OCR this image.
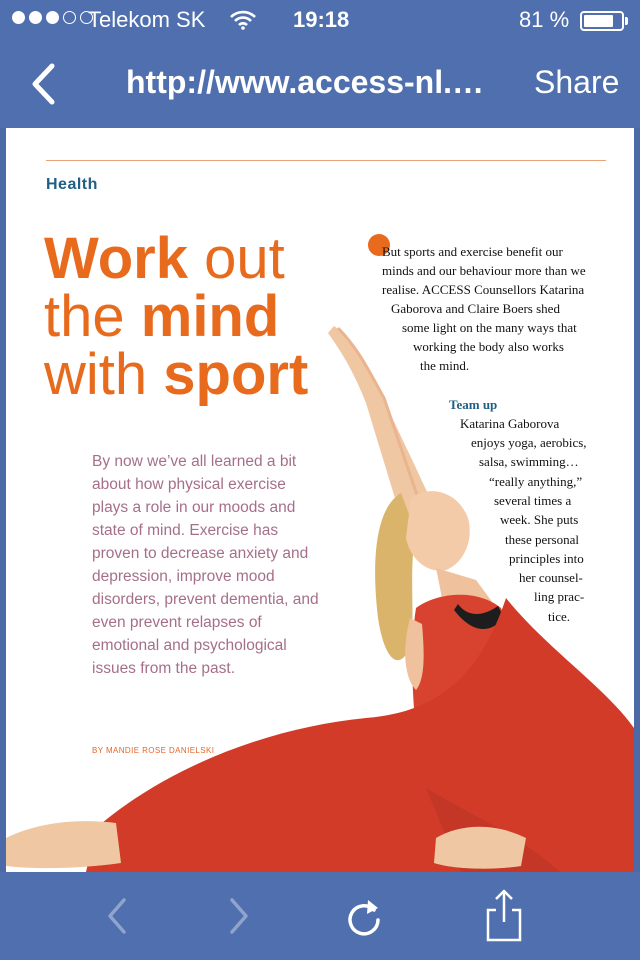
Telekom SK	19:18	81 %
http://www.access-nl.… Share
Health
Work out
the mind
with sport

By now we’ve all learned a bit about how physical exercise plays a role in our moods and state of mind. Exercise has proven to decrease anxiety and depression, improve mood disorders, prevent dementia, and even prevent relapses of emotional and psychological issues from the past.

BY MANDIE ROSE DANIELSKI
But sports and exercise benefit our
minds and our behaviour more than we
realise. ACCESS Counsellors Katarina
Gaborova and Claire Boers shed
some light on the many ways that
working the body also works
the mind.
Team up
Katarina Gaborova
enjoys yoga, aerobics,
salsa, swimming…
“really anything,”
several times a
week. She puts
these personal
principles into
her counsel-
ling prac-
tice.
